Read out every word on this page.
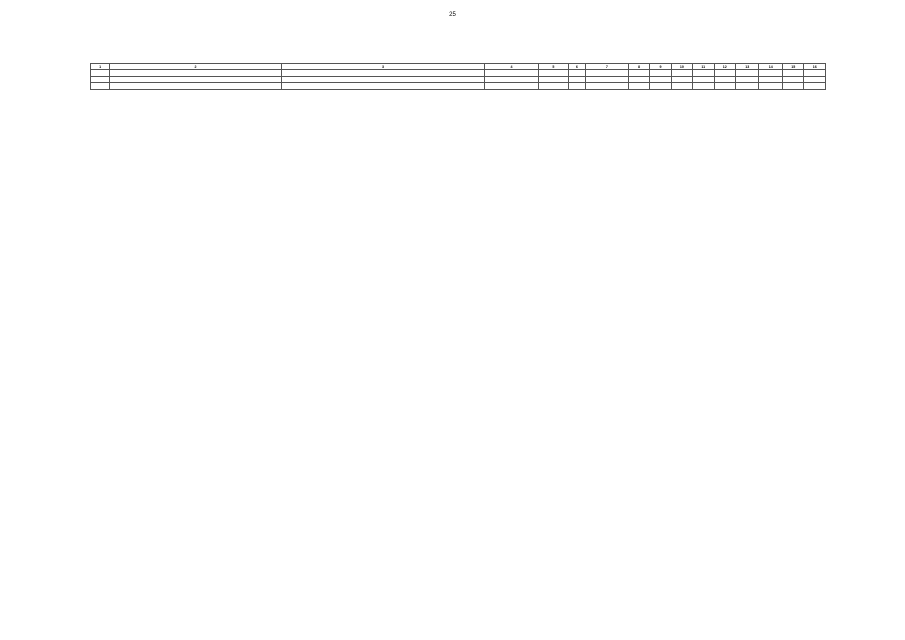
25
1	2	3	4	5	6	7	8	9	10	11	12	13	14	15	16
